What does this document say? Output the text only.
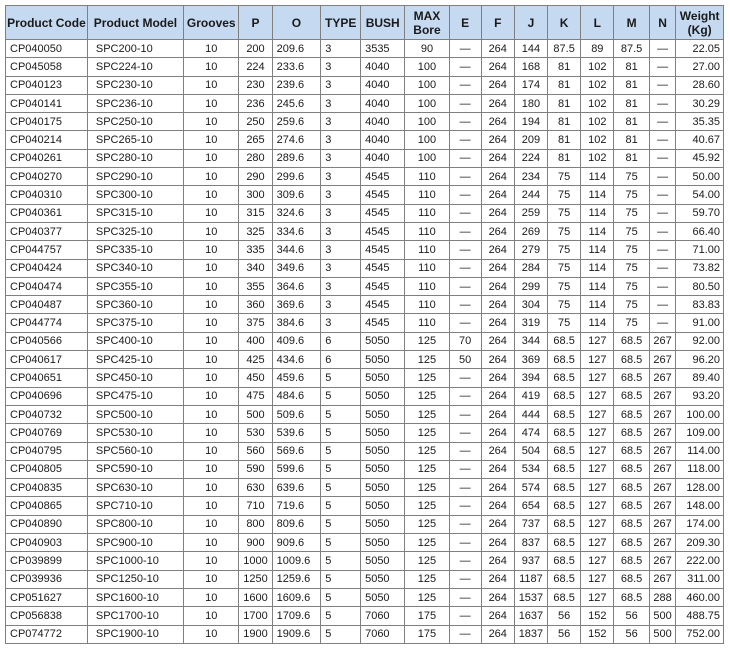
Product Code	Product Model	Grooves	P	O	TYPE	BUSH	MAX Bore	E	F	J	K	L	M	N	Weight (Kg)
CP040050	SPC200-10	10	200	209.6	3	3535	90	—	264	144	87.5	89	87.5	—	22.05
CP045058	SPC224-10	10	224	233.6	3	4040	100	—	264	168	81	102	81	—	27.00
CP040123	SPC230-10	10	230	239.6	3	4040	100	—	264	174	81	102	81	—	28.60
CP040141	SPC236-10	10	236	245.6	3	4040	100	—	264	180	81	102	81	—	30.29
CP040175	SPC250-10	10	250	259.6	3	4040	100	—	264	194	81	102	81	—	35.35
CP040214	SPC265-10	10	265	274.6	3	4040	100	—	264	209	81	102	81	—	40.67
CP040261	SPC280-10	10	280	289.6	3	4040	100	—	264	224	81	102	81	—	45.92
CP040270	SPC290-10	10	290	299.6	3	4545	110	—	264	234	75	114	75	—	50.00
CP040310	SPC300-10	10	300	309.6	3	4545	110	—	264	244	75	114	75	—	54.00
CP040361	SPC315-10	10	315	324.6	3	4545	110	—	264	259	75	114	75	—	59.70
CP040377	SPC325-10	10	325	334.6	3	4545	110	—	264	269	75	114	75	—	66.40
CP044757	SPC335-10	10	335	344.6	3	4545	110	—	264	279	75	114	75	—	71.00
CP040424	SPC340-10	10	340	349.6	3	4545	110	—	264	284	75	114	75	—	73.82
CP040474	SPC355-10	10	355	364.6	3	4545	110	—	264	299	75	114	75	—	80.50
CP040487	SPC360-10	10	360	369.6	3	4545	110	—	264	304	75	114	75	—	83.83
CP044774	SPC375-10	10	375	384.6	3	4545	110	—	264	319	75	114	75	—	91.00
CP040566	SPC400-10	10	400	409.6	6	5050	125	70	264	344	68.5	127	68.5	267	92.00
CP040617	SPC425-10	10	425	434.6	6	5050	125	50	264	369	68.5	127	68.5	267	96.20
CP040651	SPC450-10	10	450	459.6	5	5050	125	—	264	394	68.5	127	68.5	267	89.40
CP040696	SPC475-10	10	475	484.6	5	5050	125	—	264	419	68.5	127	68.5	267	93.20
CP040732	SPC500-10	10	500	509.6	5	5050	125	—	264	444	68.5	127	68.5	267	100.00
CP040769	SPC530-10	10	530	539.6	5	5050	125	—	264	474	68.5	127	68.5	267	109.00
CP040795	SPC560-10	10	560	569.6	5	5050	125	—	264	504	68.5	127	68.5	267	114.00
CP040805	SPC590-10	10	590	599.6	5	5050	125	—	264	534	68.5	127	68.5	267	118.00
CP040835	SPC630-10	10	630	639.6	5	5050	125	—	264	574	68.5	127	68.5	267	128.00
CP040865	SPC710-10	10	710	719.6	5	5050	125	—	264	654	68.5	127	68.5	267	148.00
CP040890	SPC800-10	10	800	809.6	5	5050	125	—	264	737	68.5	127	68.5	267	174.00
CP040903	SPC900-10	10	900	909.6	5	5050	125	—	264	837	68.5	127	68.5	267	209.30
CP039899	SPC1000-10	10	1000	1009.6	5	5050	125	—	264	937	68.5	127	68.5	267	222.00
CP039936	SPC1250-10	10	1250	1259.6	5	5050	125	—	264	1187	68.5	127	68.5	267	311.00
CP051627	SPC1600-10	10	1600	1609.6	5	5050	125	—	264	1537	68.5	127	68.5	288	460.00
CP056838	SPC1700-10	10	1700	1709.6	5	7060	175	—	264	1637	56	152	56	500	488.75
CP074772	SPC1900-10	10	1900	1909.6	5	7060	175	—	264	1837	56	152	56	500	752.00
